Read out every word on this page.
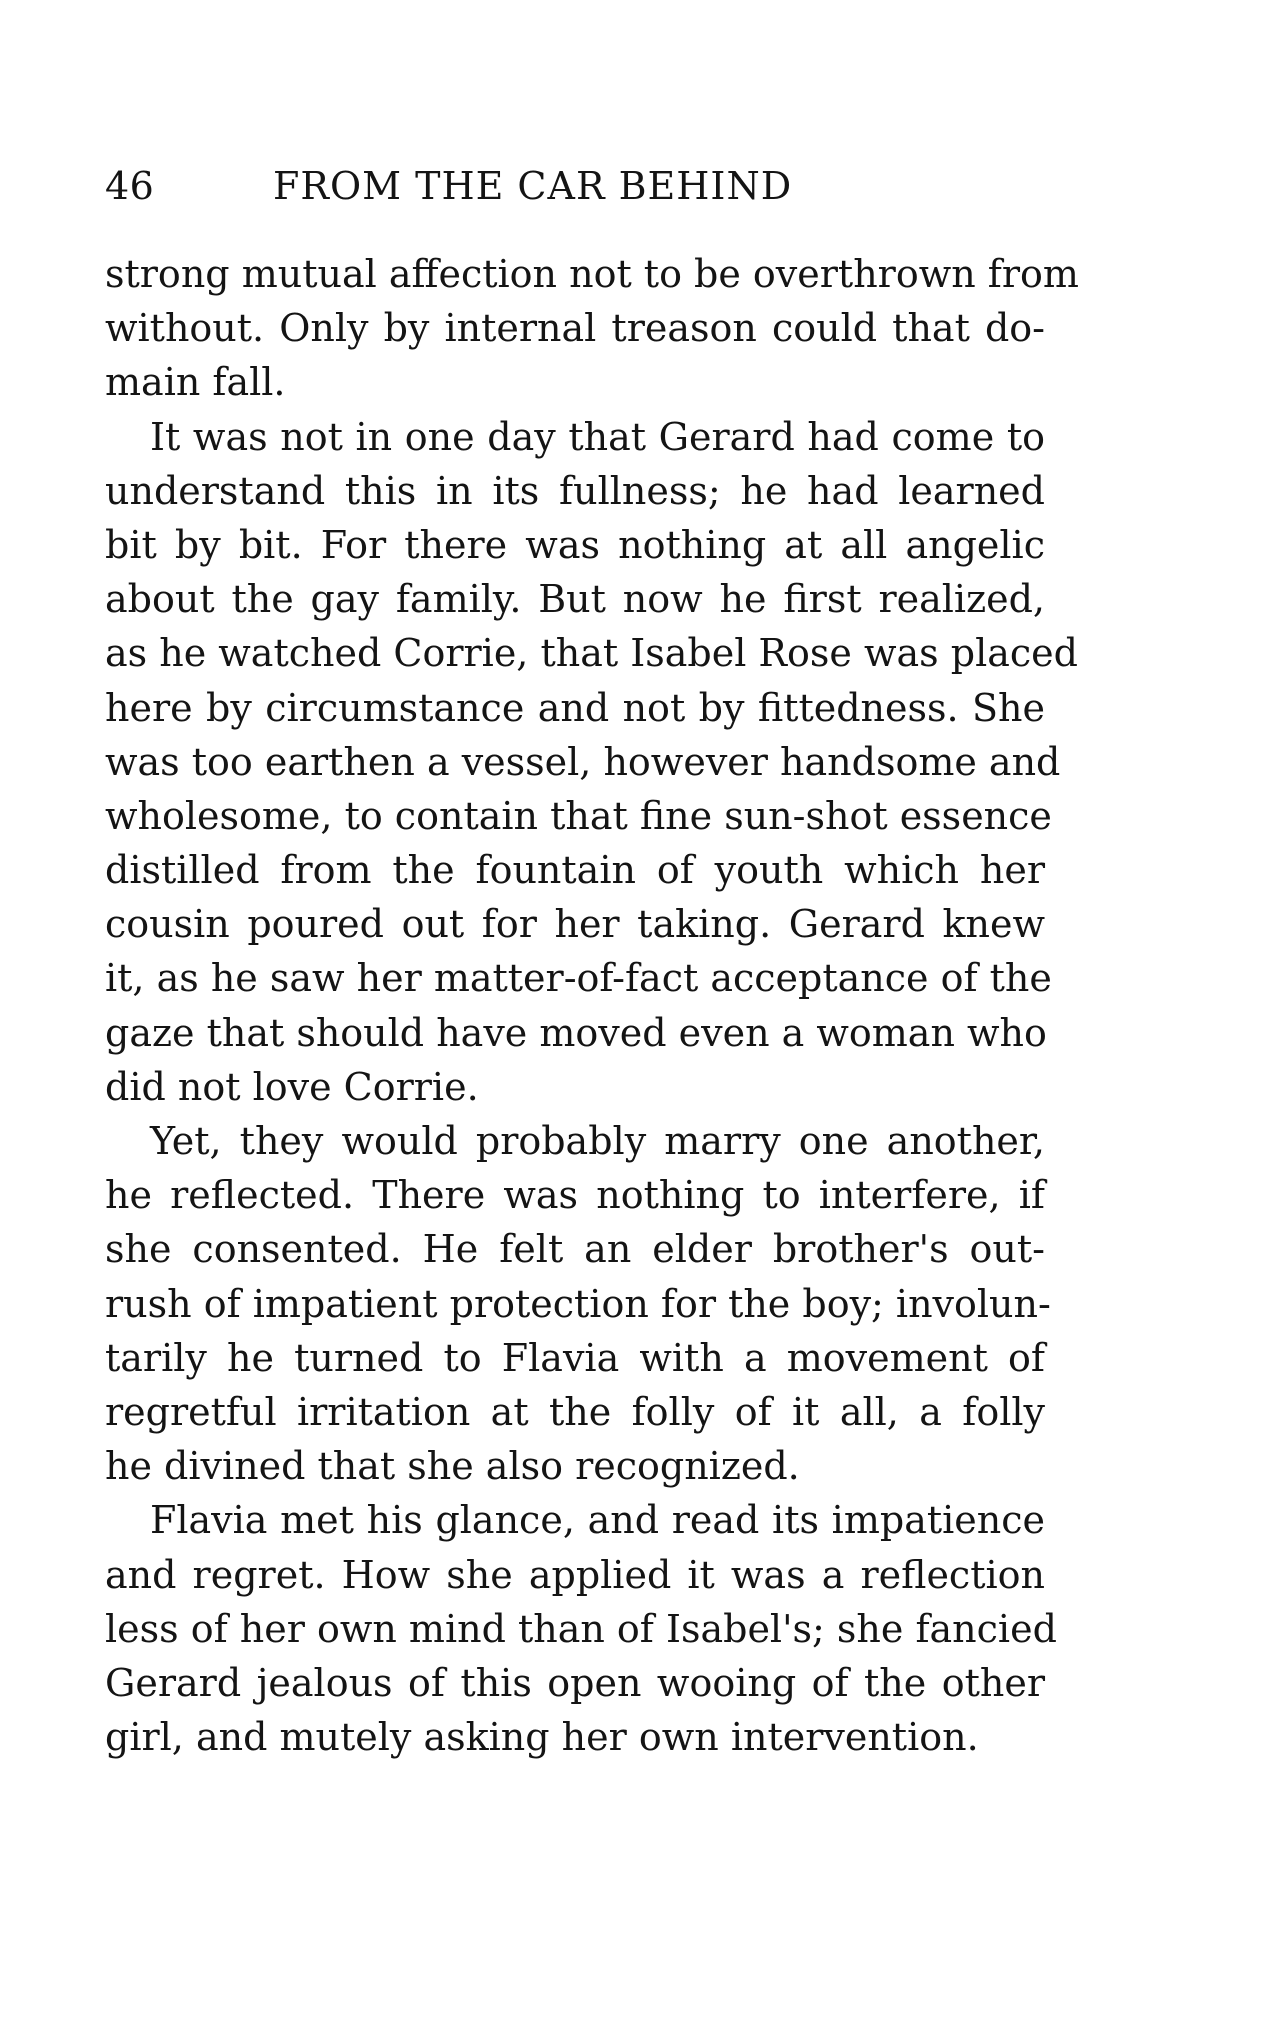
46	FROM THE CAR BEHIND
strong mutual affection not to be overthrown from
without. Only by internal treason could that do-
main fall.
It was not in one day that Gerard had come to
understand this in its fullness; he had learned
bit by bit. For there was nothing at all angelic
about the gay family. But now he first realized,
as he watched Corrie, that Isabel Rose was placed
here by circumstance and not by fittedness. She
was too earthen a vessel, however handsome and
wholesome, to contain that fine sun-shot essence
distilled from the fountain of youth which her
cousin poured out for her taking. Gerard knew
it, as he saw her matter-of-fact acceptance of the
gaze that should have moved even a woman who
did not love Corrie.
Yet, they would probably marry one another,
he reflected. There was nothing to interfere, if
she consented. He felt an elder brother's out-
rush of impatient protection for the boy; involun-
tarily he turned to Flavia with a movement of
regretful irritation at the folly of it all, a folly
he divined that she also recognized.
Flavia met his glance, and read its impatience
and regret. How she applied it was a reflection
less of her own mind than of Isabel's; she fancied
Gerard jealous of this open wooing of the other
girl, and mutely asking her own intervention.
